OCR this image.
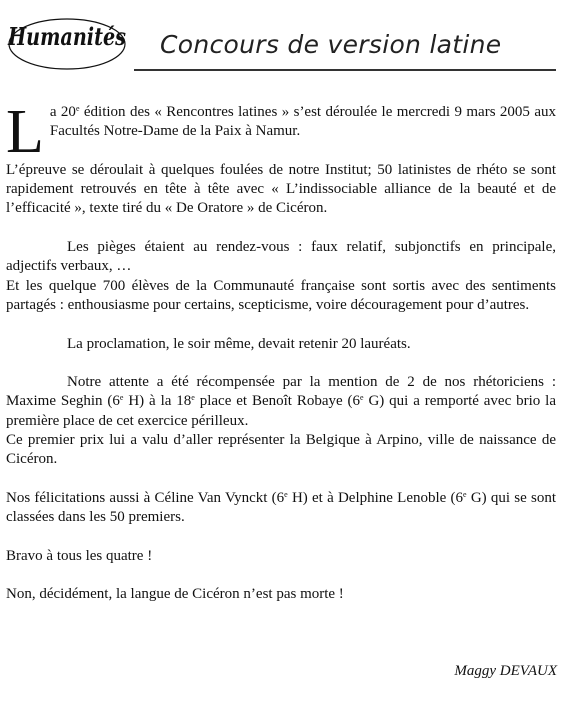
Humanités Concours de version latine

La 20e édition des « Rencontres latines » s’est déroulée le mercredi 9 mars 2005 aux Facultés Notre-Dame de la Paix à Namur.

L’épreuve se déroulait à quelques foulées de notre Institut; 50 latinistes de rhéto se sont rapidement retrouvés en tête à tête avec « L’indissociable alliance de la beauté et de l’efficacité », texte tiré du « De Oratore » de Cicéron.

Les pièges étaient au rendez-vous : faux relatif, subjonctifs en principale, adjectifs verbaux, …

Et les quelque 700 élèves de la Communauté française sont sortis avec des sentiments partagés : enthousiasme pour certains, scepticisme, voire découragement pour d’autres.

La proclamation, le soir même, devait retenir 20 lauréats.

Notre attente a été récompensée par la mention de 2 de nos rhétoriciens : Maxime Seghin (6e H) à la 18e place et Benoît Robaye (6e G) qui a remporté avec brio la première place de cet exercice périlleux.

Ce premier prix lui a valu d’aller représenter la Belgique à Arpino, ville de naissance de Cicéron.

Nos félicitations aussi à Céline Van Vynckt (6e H) et à Delphine Lenoble (6e G) qui se sont classées dans les 50 premiers.

Bravo à tous les quatre !

Non, décidément, la langue de Cicéron n’est pas morte !

Maggy DEVAUX
